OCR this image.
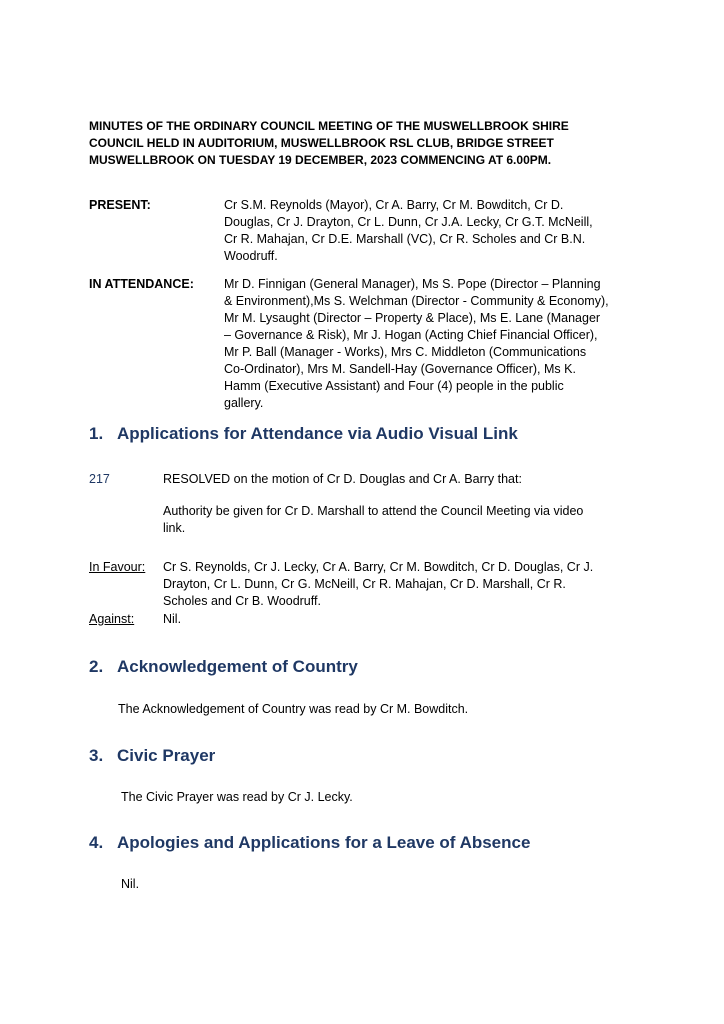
MINUTES OF THE ORDINARY COUNCIL MEETING OF THE MUSWELLBROOK SHIRE
COUNCIL HELD IN AUDITORIUM, MUSWELLBROOK RSL CLUB, BRIDGE STREET
MUSWELLBROOK ON TUESDAY 19 DECEMBER, 2023 COMMENCING AT 6.00PM.
PRESENT:	Cr S.M. Reynolds (Mayor), Cr A. Barry, Cr M. Bowditch, Cr D.
Douglas, Cr J. Drayton, Cr L. Dunn, Cr J.A. Lecky, Cr G.T. McNeill,
Cr R. Mahajan, Cr D.E. Marshall (VC), Cr R. Scholes and Cr B.N.
Woodruff.
IN ATTENDANCE: Mr D. Finnigan (General Manager), Ms S. Pope (Director – Planning
& Environment),Ms S. Welchman (Director - Community & Economy),
Mr M. Lysaught (Director – Property & Place), Ms E. Lane (Manager
– Governance & Risk), Mr J. Hogan (Acting Chief Financial Officer),
Mr P. Ball (Manager - Works), Mrs C. Middleton (Communications
Co-Ordinator), Mrs M. Sandell-Hay (Governance Officer), Ms K.
Hamm (Executive Assistant) and Four (4) people in the public
gallery.
1. Applications for Attendance via Audio Visual Link
217	RESOLVED on the motion of Cr D. Douglas and Cr A. Barry that:
Authority be given for Cr D. Marshall to attend the Council Meeting via video
link.
In Favour: Cr S. Reynolds, Cr J. Lecky, Cr A. Barry, Cr M. Bowditch, Cr D. Douglas, Cr J.
Drayton, Cr L. Dunn, Cr G. McNeill, Cr R. Mahajan, Cr D. Marshall, Cr R.
Scholes and Cr B. Woodruff.
Against: Nil.
2. Acknowledgement of Country
The Acknowledgement of Country was read by Cr M. Bowditch.
3. Civic Prayer
The Civic Prayer was read by Cr J. Lecky.
4. Apologies and Applications for a Leave of Absence
Nil.
